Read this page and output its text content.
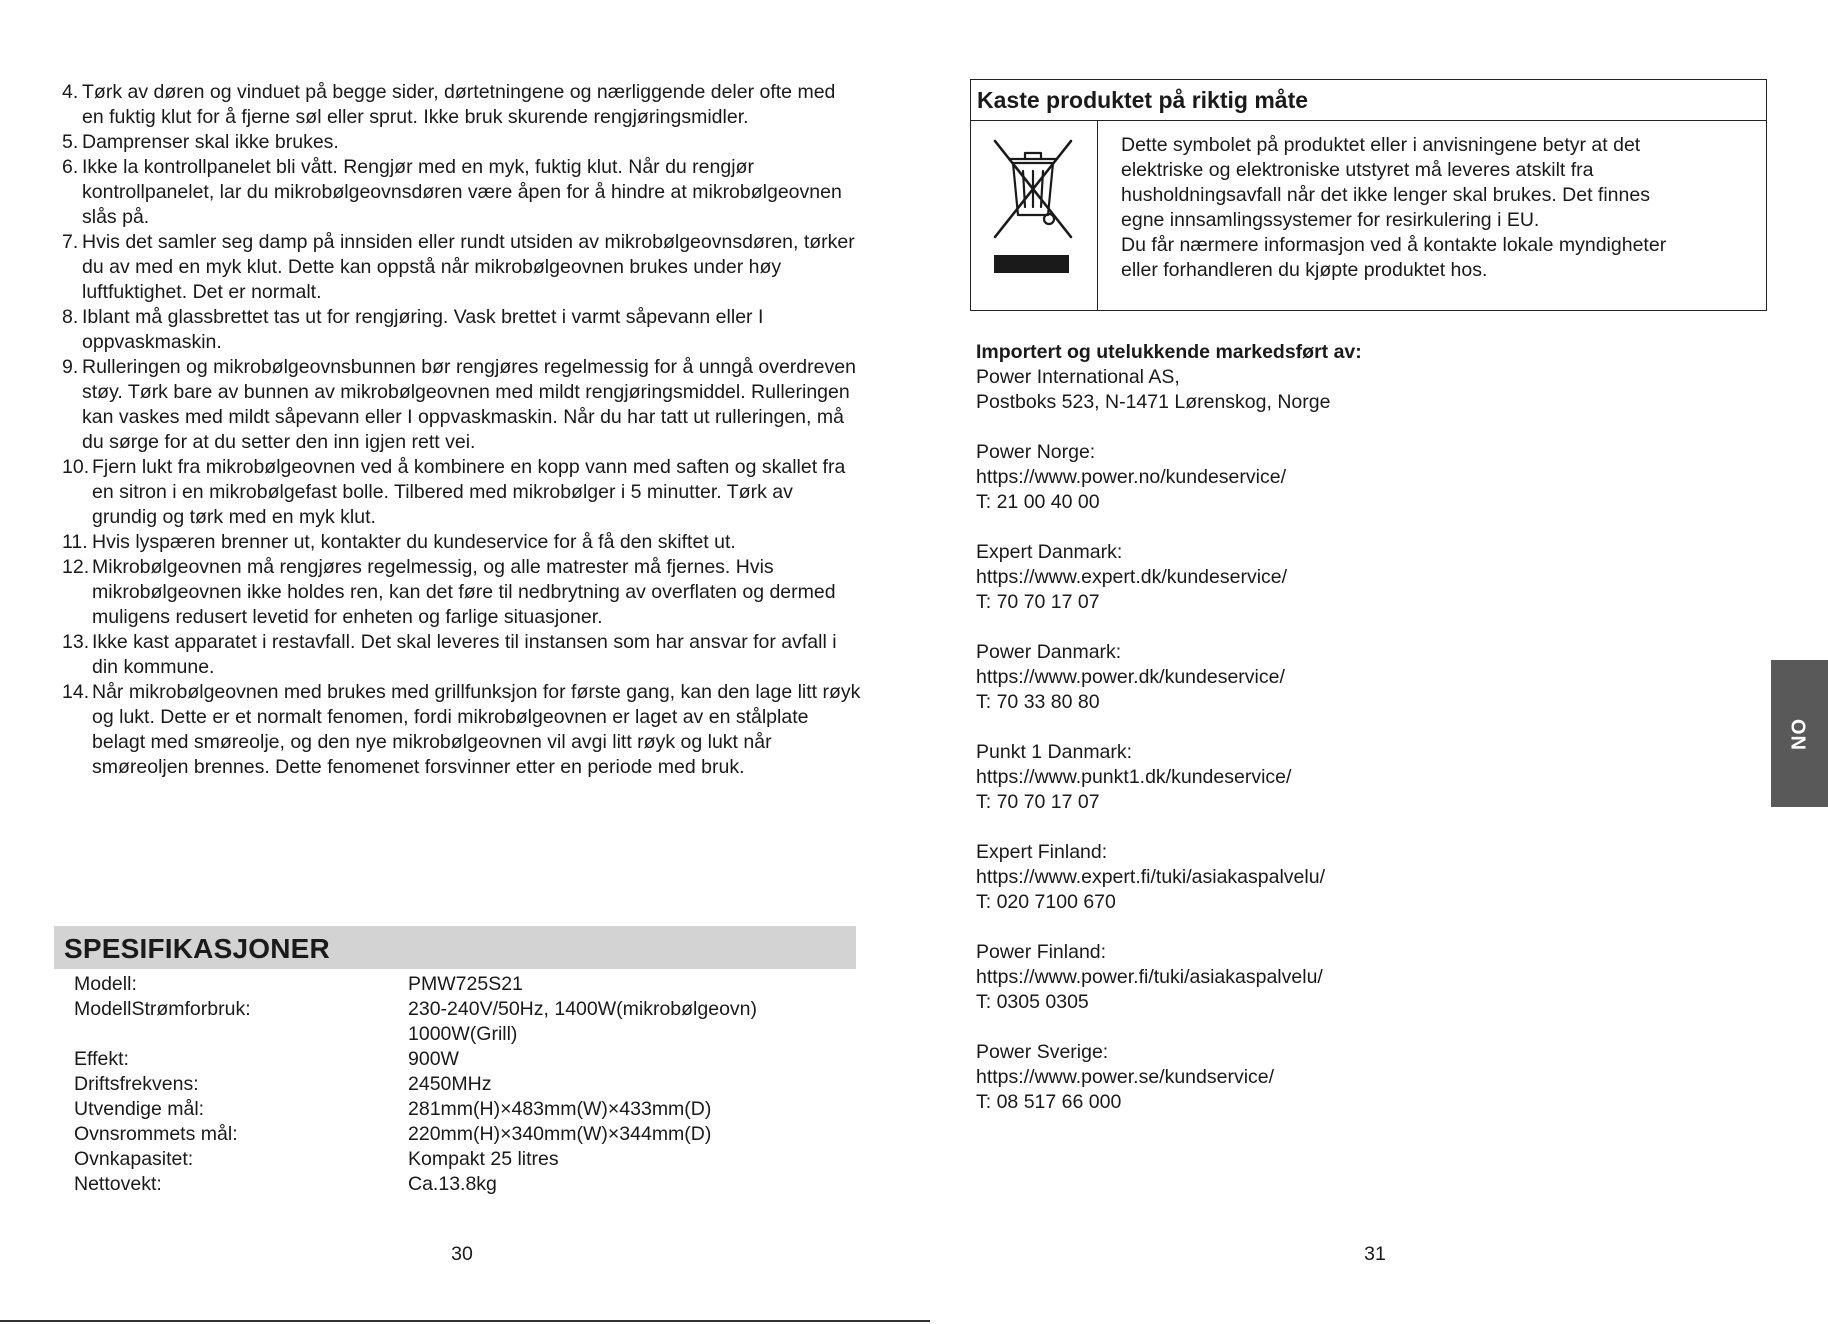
4. Tørk av døren og vinduet på begge sider, dørtetningene og nærliggende deler ofte med en fuktig klut for å fjerne søl eller sprut. Ikke bruk skurende rengjøringsmidler.
5. Damprenser skal ikke brukes.
6. Ikke la kontrollpanelet bli vått. Rengjør med en myk, fuktig klut. Når du rengjør kontrollpanelet, lar du mikrobølgeovnsdøren være åpen for å hindre at mikrobølgeovnen slås på.
7. Hvis det samler seg damp på innsiden eller rundt utsiden av mikrobølgeovnsdøren, tørker du av med en myk klut. Dette kan oppstå når mikrobølgeovnen brukes under høy luftfuktighet. Det er normalt.
8. Iblant må glassbrettet tas ut for rengjøring. Vask brettet i varmt såpevann eller I oppvaskmaskin.
9. Rulleringen og mikrobølgeovnsbunnen bør rengjøres regelmessig for å unngå overdreven støy. Tørk bare av bunnen av mikrobølgeovnen med mildt rengjøringsmiddel. Rulleringen kan vaskes med mildt såpevann eller I oppvaskmaskin. Når du har tatt ut rulleringen, må du sørge for at du setter den inn igjen rett vei.
10. Fjern lukt fra mikrobølgeovnen ved å kombinere en kopp vann med saften og skallet fra en sitron i en mikrobølgefast bolle. Tilbered med mikrobølger i 5 minutter. Tørk av grundig og tørk med en myk klut.
11. Hvis lyspæren brenner ut, kontakter du kundeservice for å få den skiftet ut.
12. Mikrobølgeovnen må rengjøres regelmessig, og alle matrester må fjernes. Hvis mikrobølgeovnen ikke holdes ren, kan det føre til nedbrytning av overflaten og dermed muligens redusert levetid for enheten og farlige situasjoner.
13. Ikke kast apparatet i restavfall. Det skal leveres til instansen som har ansvar for avfall i din kommune.
14. Når mikrobølgeovnen med brukes med grillfunksjon for første gang, kan den lage litt røyk og lukt. Dette er et normalt fenomen, fordi mikrobølgeovnen er laget av en stålplate belagt med smøreolje, og den nye mikrobølgeovnen vil avgi litt røyk og lukt når smøreoljen brennes. Dette fenomenet forsvinner etter en periode med bruk.
SPESIFIKASJONER
Modell:	PMW725S21
ModellStrømforbruk:	230-240V/50Hz, 1400W(mikrobølgeovn)
1000W(Grill)
Effekt:	900W
Driftsfrekvens:	2450MHz
Utvendige mål:	281mm(H)×483mm(W)×433mm(D)
Ovnsrommets mål:	220mm(H)×340mm(W)×344mm(D)
Ovnkapasitet:	Kompakt 25 litres
Nettovekt:	Ca.13.8kg
30
Kaste produktet på riktig måte

Dette symbolet på produktet eller i anvisningene betyr at det

elektriske og elektroniske utstyret må leveres atskilt fra

husholdningsavfall når det ikke lenger skal brukes. Det finnes

egne innsamlingssystemer for resirkulering i EU.

Du får nærmere informasjon ved å kontakte lokale myndigheter

eller forhandleren du kjøpte produktet hos.

Importert og utelukkende markedsført av:

Power International AS,

Postboks 523, N-1471 Lørenskog, Norge

Power Norge:

https://www.power.no/kundeservice/

T: 21 00 40 00

Expert Danmark:

https://www.expert.dk/kundeservice/

T: 70 70 17 07

Power Danmark:

https://www.power.dk/kundeservice/

T: 70 33 80 80

Punkt 1 Danmark:

https://www.punkt1.dk/kundeservice/

T: 70 70 17 07

Expert Finland:

https://www.expert.fi/tuki/asiakaspalvelu/

T: 020 7100 670

Power Finland:

https://www.power.fi/tuki/asiakaspalvelu/

T: 0305 0305

Power Sverige:

https://www.power.se/kundservice/

T: 08 517 66 000

31
NO
